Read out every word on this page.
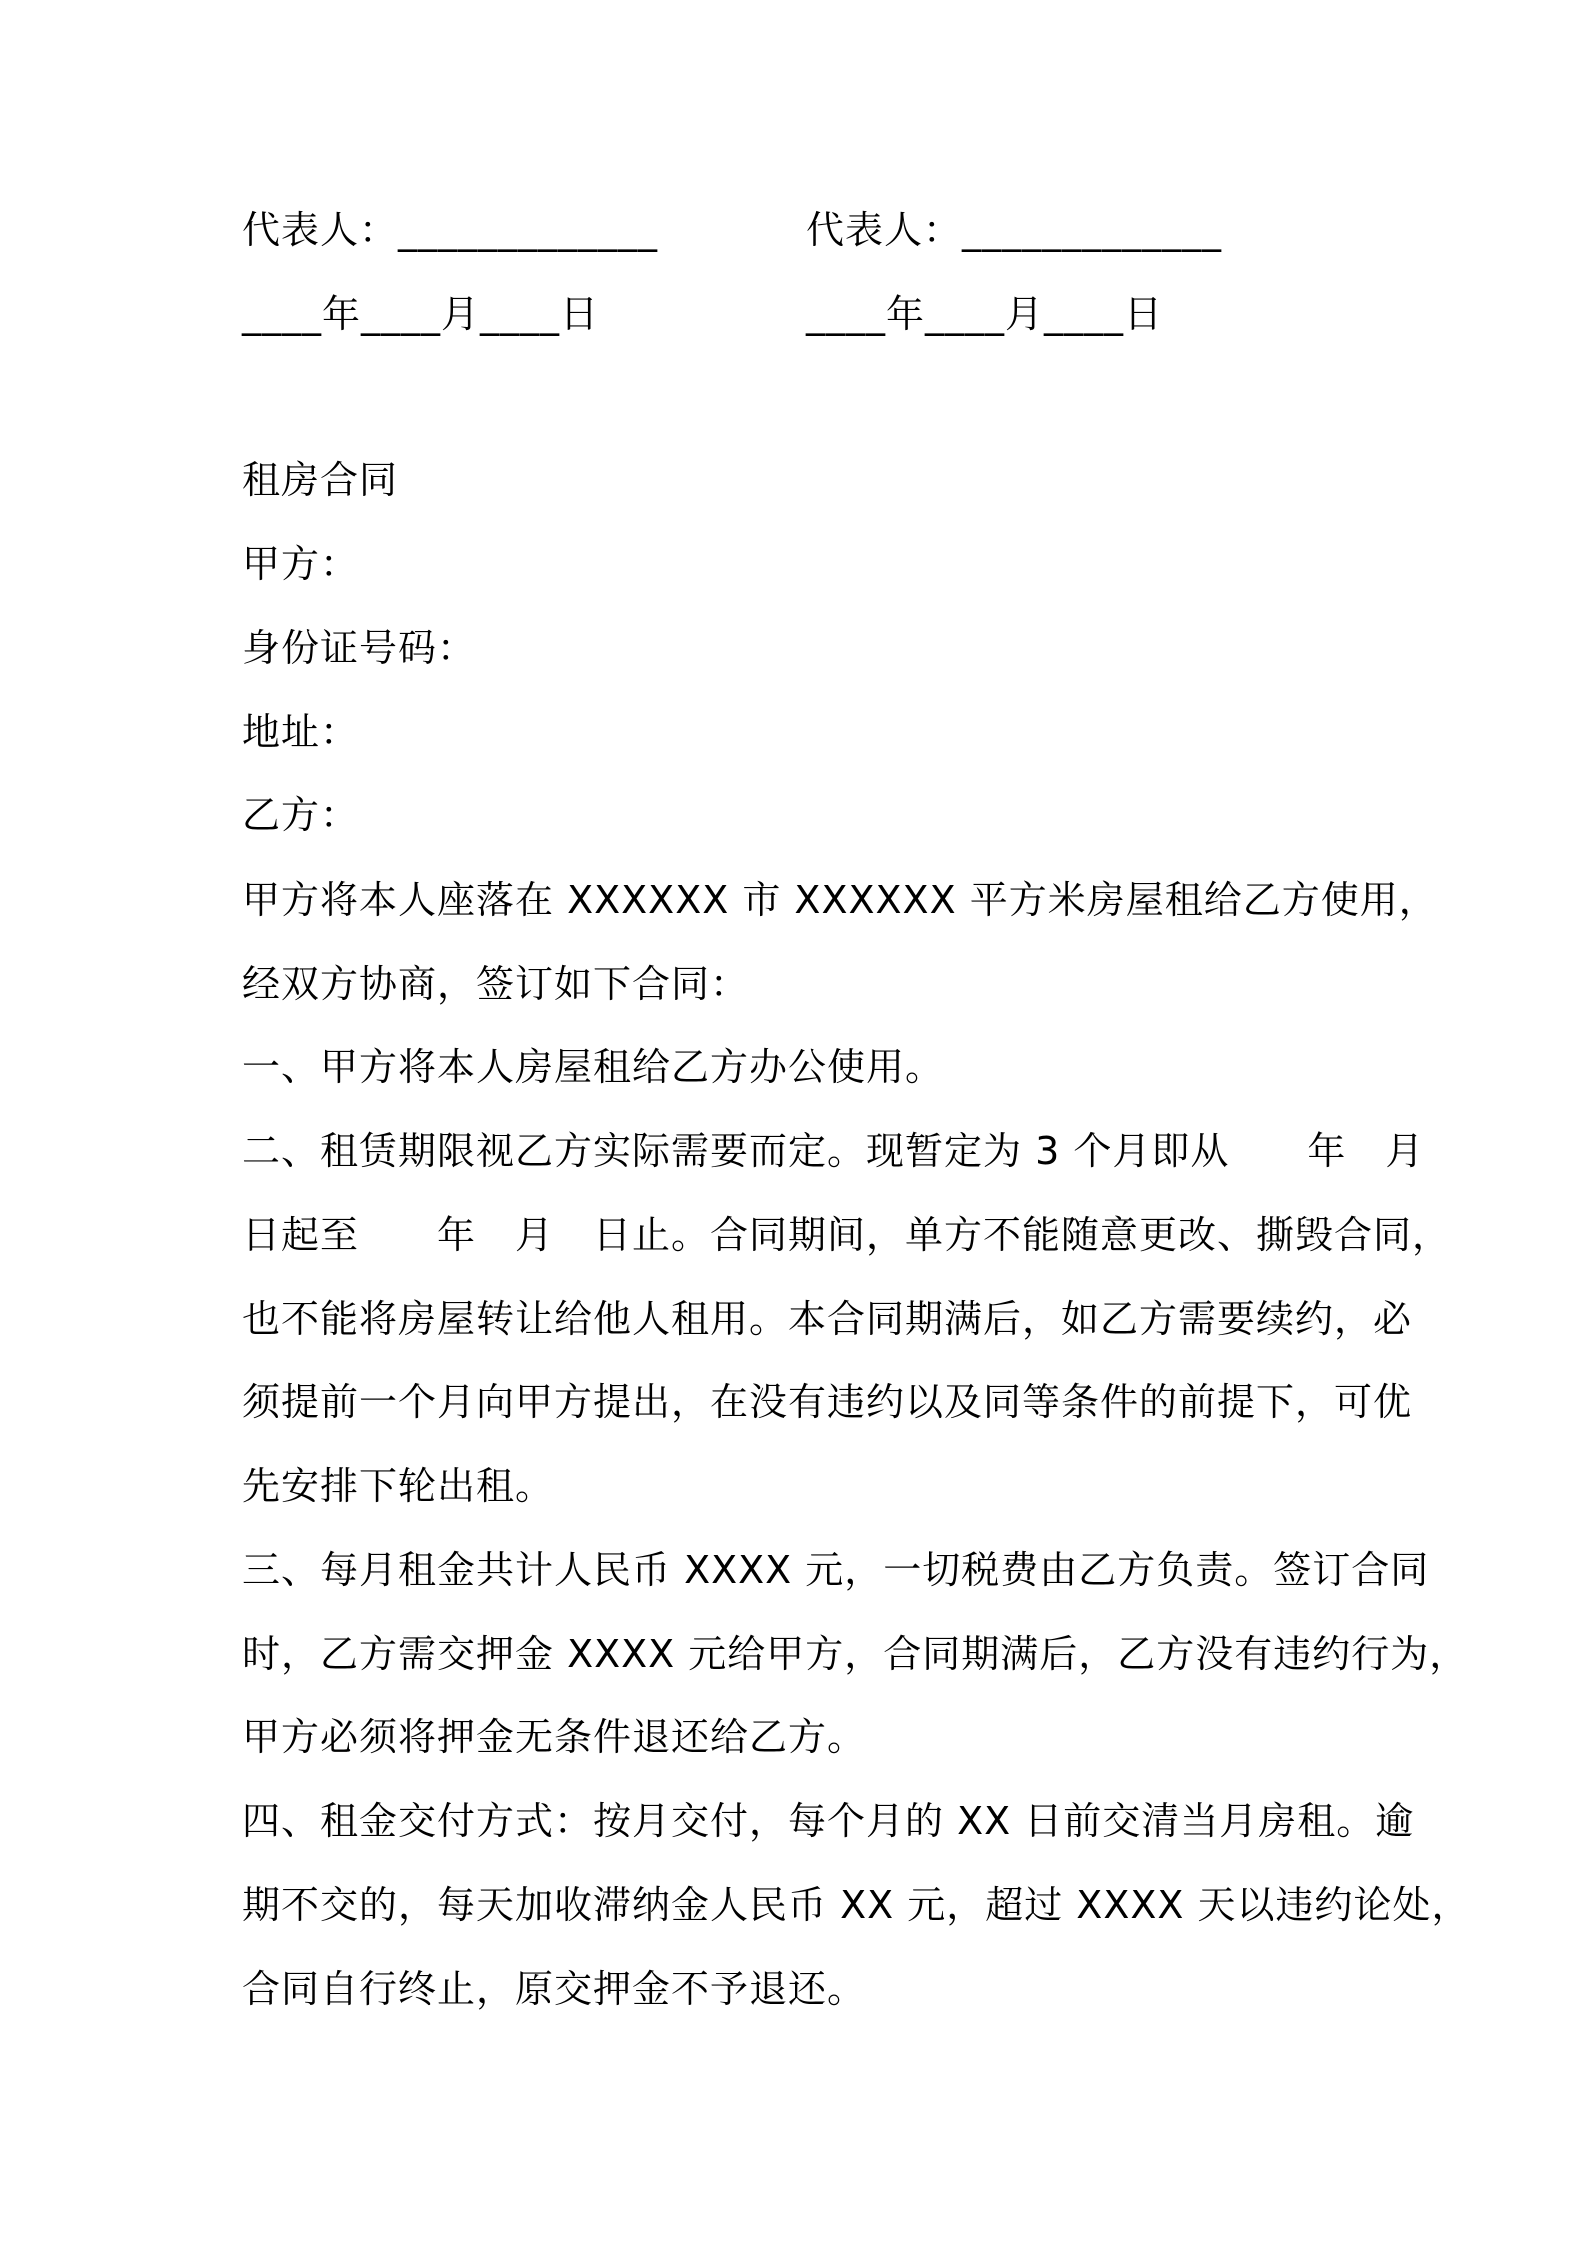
代表人：_____________	代表人：_____________
____年____月____日	____年____月____日
租房合同
甲方：
身份证号码：
地址：
乙方：
甲方将本人座落在 XXXXXX 市 XXXXXX 平方米房屋租给乙方使用，
经双方协商，签订如下合同：
一、甲方将本人房屋租给乙方办公使用。
二、租赁期限视乙方实际需要而定。现暂定为 3 个月即从　　年　月
日起至　　年　月　日止。合同期间，单方不能随意更改、撕毁合同，
也不能将房屋转让给他人租用。本合同期满后，如乙方需要续约，必
须提前一个月向甲方提出，在没有违约以及同等条件的前提下，可优
先安排下轮出租。
三、每月租金共计人民币 XXXX 元，一切税费由乙方负责。签订合同
时，乙方需交押金 XXXX 元给甲方，合同期满后，乙方没有违约行为，
甲方必须将押金无条件退还给乙方。
四、租金交付方式：按月交付，每个月的 XX 日前交清当月房租。逾
期不交的，每天加收滞纳金人民币 XX 元，超过 XXXX 天以违约论处，
合同自行终止，原交押金不予退还。
